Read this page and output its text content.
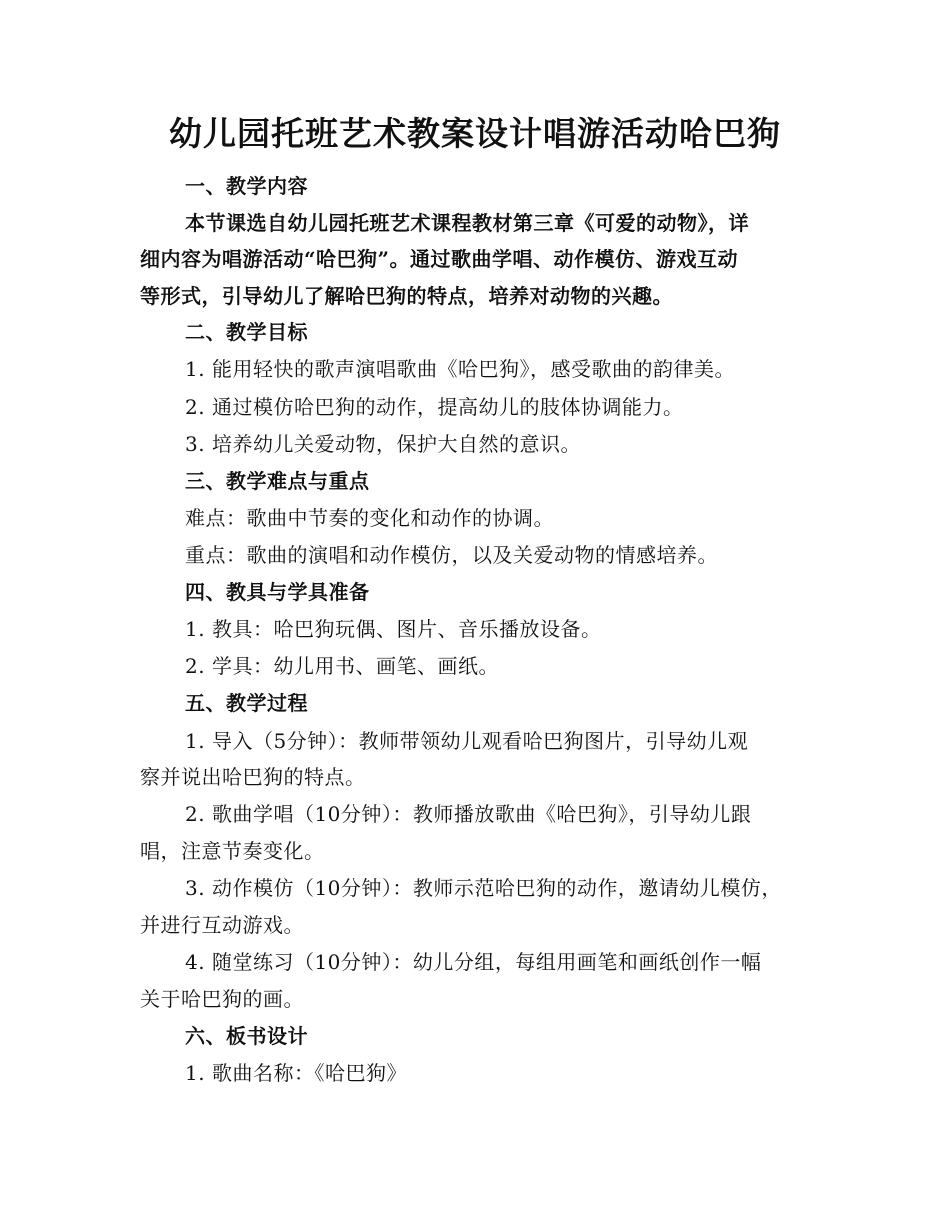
幼儿园托班艺术教案设计唱游活动哈巴狗
一、教学内容
本节课选自幼儿园托班艺术课程教材第三章《可爱的动物》，详
细内容为唱游活动“哈巴狗”。通过歌曲学唱、动作模仿、游戏互动
等形式，引导幼儿了解哈巴狗的特点，培养对动物的兴趣。
二、教学目标
1. 能用轻快的歌声演唱歌曲《哈巴狗》，感受歌曲的韵律美。
2. 通过模仿哈巴狗的动作，提高幼儿的肢体协调能力。
3. 培养幼儿关爱动物，保护大自然的意识。
三、教学难点与重点
难点：歌曲中节奏的变化和动作的协调。
重点：歌曲的演唱和动作模仿，以及关爱动物的情感培养。
四、教具与学具准备
1. 教具：哈巴狗玩偶、图片、音乐播放设备。
2. 学具：幼儿用书、画笔、画纸。
五、教学过程
1. 导入（5分钟）：教师带领幼儿观看哈巴狗图片，引导幼儿观
察并说出哈巴狗的特点。
2. 歌曲学唱（10分钟）：教师播放歌曲《哈巴狗》，引导幼儿跟
唱，注意节奏变化。
3. 动作模仿（10分钟）：教师示范哈巴狗的动作，邀请幼儿模仿，
并进行互动游戏。
4. 随堂练习（10分钟）：幼儿分组，每组用画笔和画纸创作一幅
关于哈巴狗的画。
六、板书设计
1. 歌曲名称：《哈巴狗》
